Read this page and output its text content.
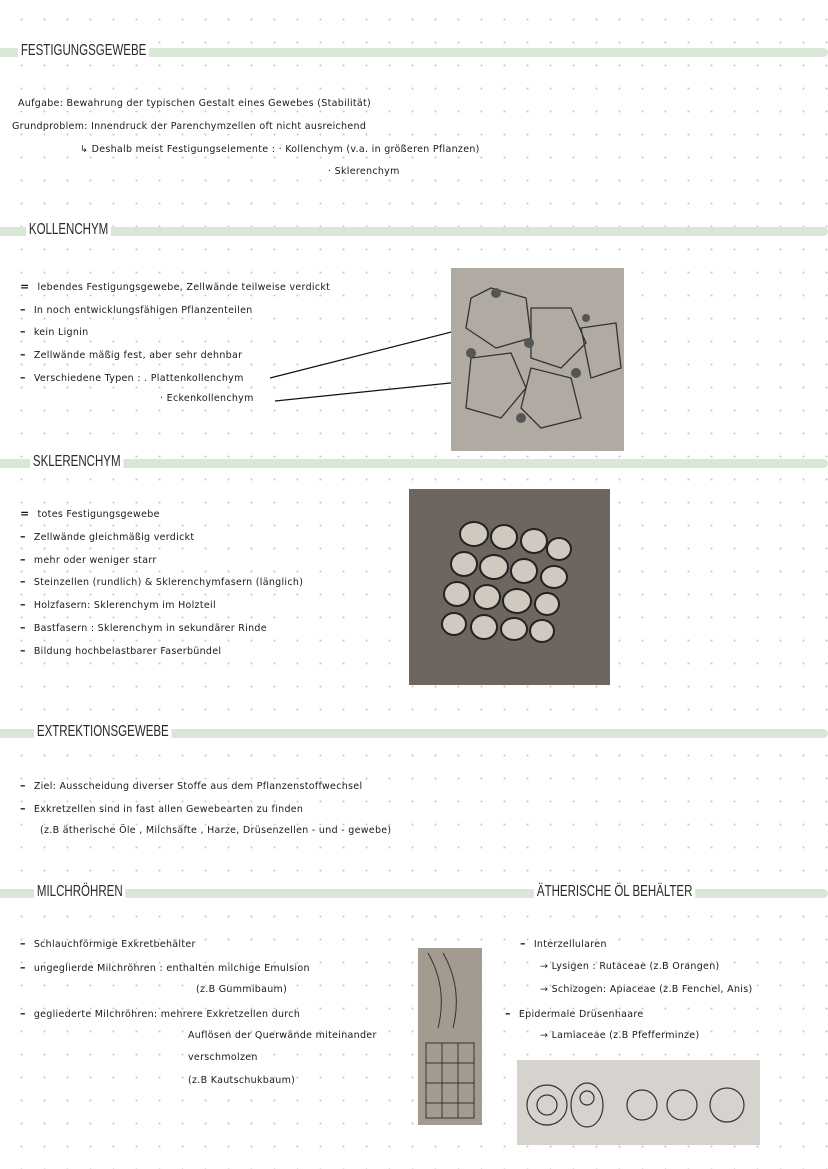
FESTIGUNGSGEWEBE
Aufgabe: Bewahrung der typischen Gestalt eines Gewebes (Stabilität)
Grundproblem: Innendruck der Parenchymzellen oft nicht ausreichend
↳ Deshalb meist Festigungselemente : · Kollenchym (v.a. in größeren Pflanzen)
· Sklerenchym
KOLLENCHYM
= lebendes Festigungsgewebe, Zellwände teilweise verdickt
– In noch entwicklungsfähigen Pflanzenteilen
– kein Lignin
– Zellwände mäßig fest, aber sehr dehnbar
– Verschiedene Typen : . Plattenkollenchym
· Eckenkollenchym
SKLERENCHYM
= totes Festigungsgewebe
– Zellwände gleichmäßig verdickt
– mehr oder weniger starr
– Steinzellen (rundlich) & Sklerenchymfasern (länglich)
– Holzfasern: Sklerenchym im Holzteil
– Bastfasern : Sklerenchym in sekundärer Rinde
– Bildung hochbelastbarer Faserbündel
EXTREKTIONSGEWEBE
– Ziel: Ausscheidung diverser Stoffe aus dem Pflanzenstoffwechsel
– Exkretzellen sind in fast allen Gewebearten zu finden
(z.B ätherische Öle , Milchsäfte , Harze, Drüsenzellen - und - gewebe)
MILCHRÖHREN	ÄTHERISCHE ÖL BEHÄLTER
– Schlauchförmige Exkretbehälter
– ungeglierde Milchröhren : enthalten milchige Emulsion
(z.B Gummibaum)
– gegliederte Milchröhren: mehrere Exkretzellen durch
Auflösen der Querwände miteinander
verschmolzen
(z.B Kautschukbaum)
– Interzellularen
→ Lysigen : Rutaceae (z.B Orangen)
→ Schizogen: Apiaceae (z.B Fenchel, Anis)
– Epidermale Drüsenhaare
→ Lamiaceae (z.B Pfefferminze)
